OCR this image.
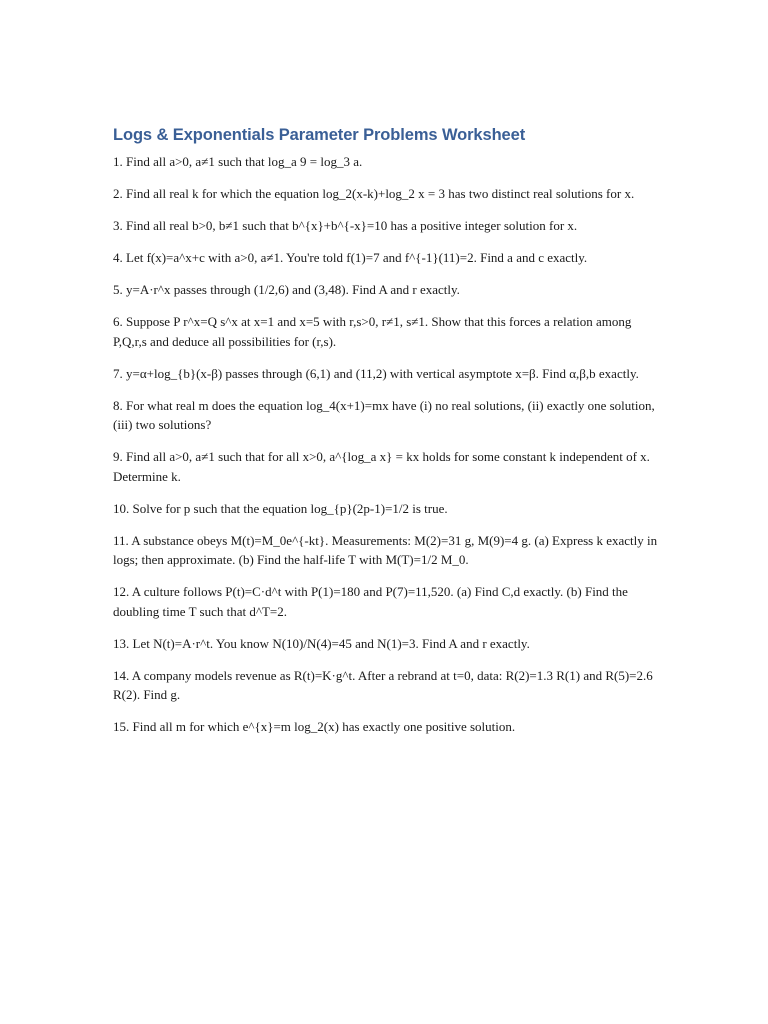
Logs & Exponentials Parameter Problems Worksheet
1. Find all a>0, a≠1 such that log_a 9 = log_3 a.
2. Find all real k for which the equation log_2(x-k)+log_2 x = 3 has two distinct real solutions for x.
3. Find all real b>0, b≠1 such that b^{x}+b^{-x}=10 has a positive integer solution for x.
4. Let f(x)=a^x+c with a>0, a≠1. You're told f(1)=7 and f^{-1}(11)=2. Find a and c exactly.
5. y=A·r^x passes through (1/2,6) and (3,48). Find A and r exactly.
6. Suppose P r^x=Q s^x at x=1 and x=5 with r,s>0, r≠1, s≠1. Show that this forces a relation among P,Q,r,s and deduce all possibilities for (r,s).
7. y=α+log_{b}(x-β) passes through (6,1) and (11,2) with vertical asymptote x=β. Find α,β,b exactly.
8. For what real m does the equation log_4(x+1)=mx have (i) no real solutions, (ii) exactly one solution, (iii) two solutions?
9. Find all a>0, a≠1 such that for all x>0, a^{log_a x} = kx holds for some constant k independent of x. Determine k.
10. Solve for p such that the equation log_{p}(2p-1)=1/2 is true.
11. A substance obeys M(t)=M_0e^{-kt}. Measurements: M(2)=31 g, M(9)=4 g. (a) Express k exactly in logs; then approximate. (b) Find the half-life T with M(T)=1/2 M_0.
12. A culture follows P(t)=C·d^t with P(1)=180 and P(7)=11,520. (a) Find C,d exactly. (b) Find the doubling time T such that d^T=2.
13. Let N(t)=A·r^t. You know N(10)/N(4)=45 and N(1)=3. Find A and r exactly.
14. A company models revenue as R(t)=K·g^t. After a rebrand at t=0, data: R(2)=1.3 R(1) and R(5)=2.6 R(2). Find g.
15. Find all m for which e^{x}=m log_2(x) has exactly one positive solution.
